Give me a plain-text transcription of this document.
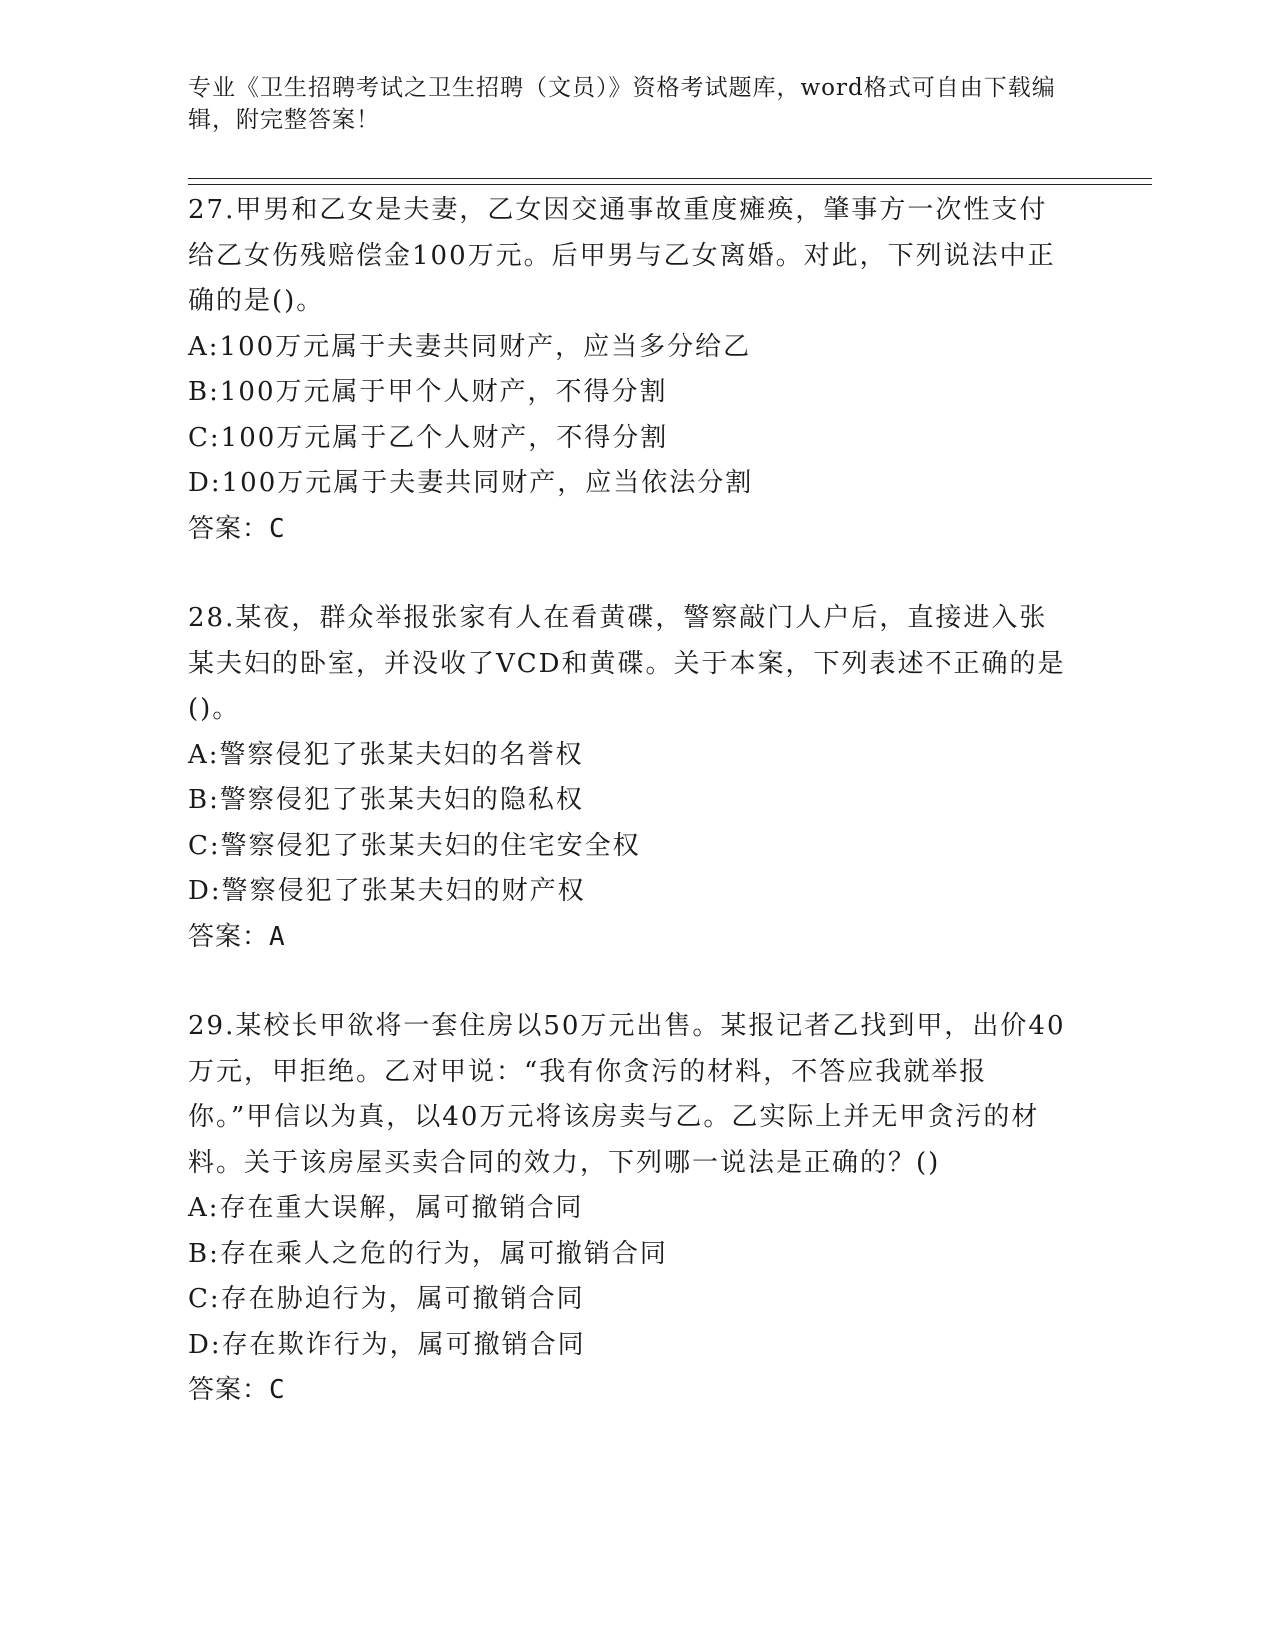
专业《卫生招聘考试之卫生招聘（文员）》资格考试题库，word格式可自由下载编辑，附完整答案！

27.甲男和乙女是夫妻，乙女因交通事故重度瘫痪，肇事方一次性支付给乙女伤残赔偿金100万元。后甲男与乙女离婚。对此，下列说法中正确的是()。

A:100万元属于夫妻共同财产，应当多分给乙

B:100万元属于甲个人财产，不得分割

C:100万元属于乙个人财产，不得分割

D:100万元属于夫妻共同财产，应当依法分割

答案：C

28.某夜，群众举报张家有人在看黄碟，警察敲门人户后，直接进入张某夫妇的卧室，并没收了VCD和黄碟。关于本案，下列表述不正确的是()。

A:警察侵犯了张某夫妇的名誉权

B:警察侵犯了张某夫妇的隐私权

C:警察侵犯了张某夫妇的住宅安全权

D:警察侵犯了张某夫妇的财产权

答案：A

29.某校长甲欲将一套住房以50万元出售。某报记者乙找到甲，出价40万元，甲拒绝。乙对甲说：“我有你贪污的材料，不答应我就举报你。”甲信以为真，以40万元将该房卖与乙。乙实际上并无甲贪污的材料。关于该房屋买卖合同的效力，下列哪一说法是正确的？()

A:存在重大误解，属可撤销合同

B:存在乘人之危的行为，属可撤销合同

C:存在胁迫行为，属可撤销合同

D:存在欺诈行为，属可撤销合同

答案：C
